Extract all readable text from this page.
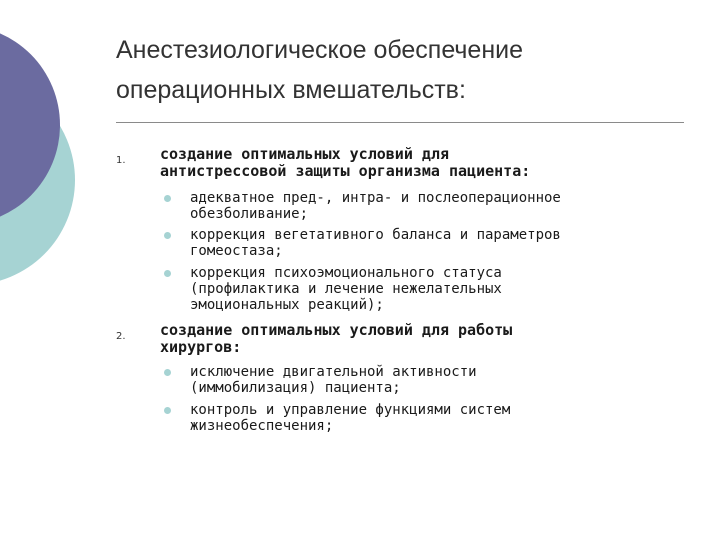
Анестезиологическое обеспечение
операционных вмешательств:
1. создание оптимальных условий для
антистрессовой защиты организма пациента:
адекватное пред-, интра- и послеоперационное
обезболивание;
коррекция вегетативного баланса и параметров
гомеостаза;
коррекция психоэмоционального статуса
(профилактика и лечение нежелательных
эмоциональных реакций);
2. создание оптимальных условий для работы
хирургов:
исключение двигательной активности
(иммобилизация) пациента;
контроль и управление функциями систем
жизнеобеспечения;
